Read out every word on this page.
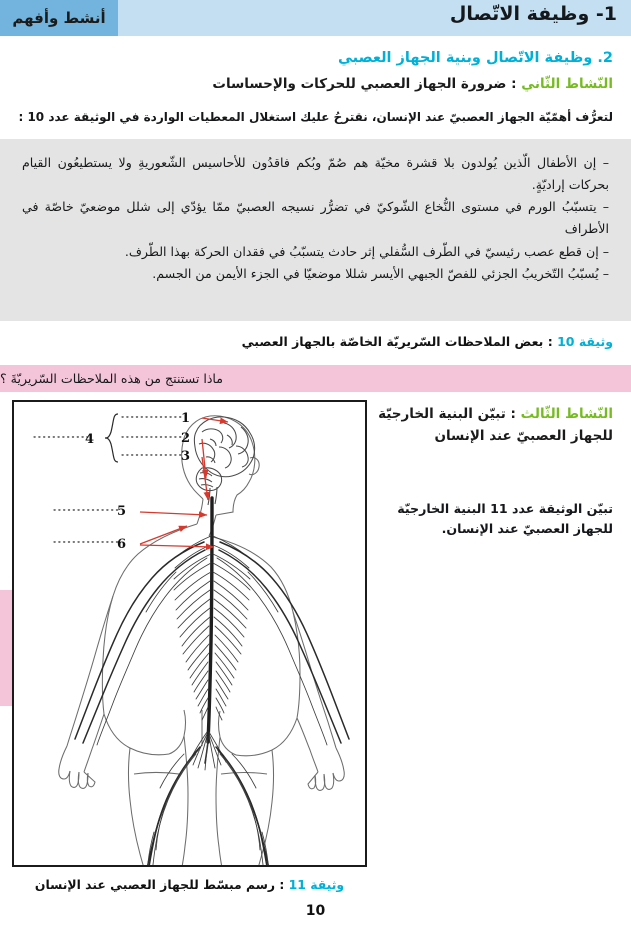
أنشط وأفهم	1- وظيفة الاتّصال
2. وظيفة الاتّصال وبنية الجهاز العصبي
النّشاط الثّاني : ضرورة الجهاز العصبي للحركات والإحساسات
لتعرُّف أهمّيّة الجهاز العصبيّ عند الإنسان، نقترحُ عليك استغلال المعطيات الواردة في الوثيقة عدد 10 :
– إن الأطفال الّذين يُولدون بلا قشرة مخيّة هم صُمّ وبُكم فاقدُون للأحاسيس الشّعوريةِ ولا يستطيعُون القيام بحركات إراديّةٍ.
– يتسبّبُ الورم في مستوى النُّخاع الشّوكيّ في تضرُّر نسيجه العصبيّ ممّا يؤدّي إلى شلل موضعيّ خاصّة في الأطراف
– إن قطع عصب رئيسيّ في الطّرف السُّفلي إثر حادث يتسبّبُ في فقدان الحركة بهذا الطّرف.
– يُسبّبُ التّخريبُ الجزئي للفصّ الجبهي الأيسر شللا موضعيّا في الجزء الأيمن من الجسم.
وثيقة 10 : بعض الملاحظات السّريريّة الخاصّة بالجهاز العصبي
ماذا تستنتج من هذه الملاحظات السّريريّةَ ؟
النّشاط الثّالث : تبيّن البنية الخارجيّة للجهاز العصبيّ عند الإنسان
تبيّن الوثيقة عدد 11 البنية الخارجيّة للجهاز العصبيّ عند الإنسان.

1
2
3
4
5
6
وثيقة 11 : رسم مبسّط للجهاز العصبي عند الإنسان
10
